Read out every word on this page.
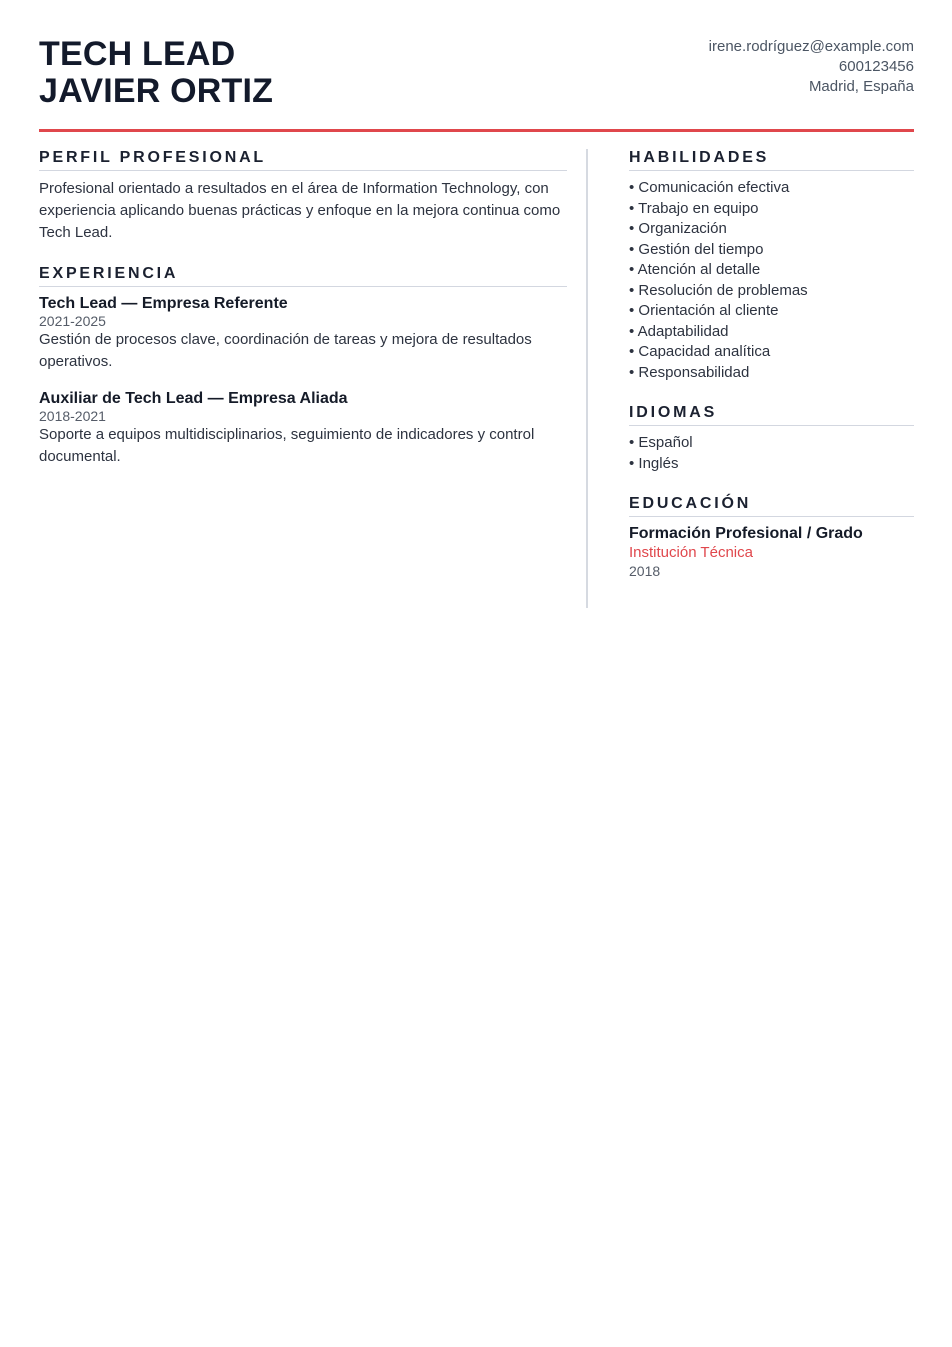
TECH LEAD
JAVIER ORTIZ
irene.rodríguez@example.com
600123456
Madrid, España
PERFIL PROFESIONAL

Profesional orientado a resultados en el área de Information Technology, con experiencia aplicando buenas prácticas y enfoque en la mejora continua como Tech Lead.

EXPERIENCIA
Tech Lead — Empresa Referente
2021-2025
Gestión de procesos clave, coordinación de tareas y mejora de resultados operativos.
Auxiliar de Tech Lead — Empresa Aliada
2018-2021
Soporte a equipos multidisciplinarios, seguimiento de indicadores y control documental.
HABILIDADES
• Comunicación efectiva
• Trabajo en equipo
• Organización
• Gestión del tiempo
• Atención al detalle
• Resolución de problemas
• Orientación al cliente
• Adaptabilidad
• Capacidad analítica
• Responsabilidad
IDIOMAS
• Español
• Inglés
EDUCACIÓN
Formación Profesional / Grado
Institución Técnica
2018
